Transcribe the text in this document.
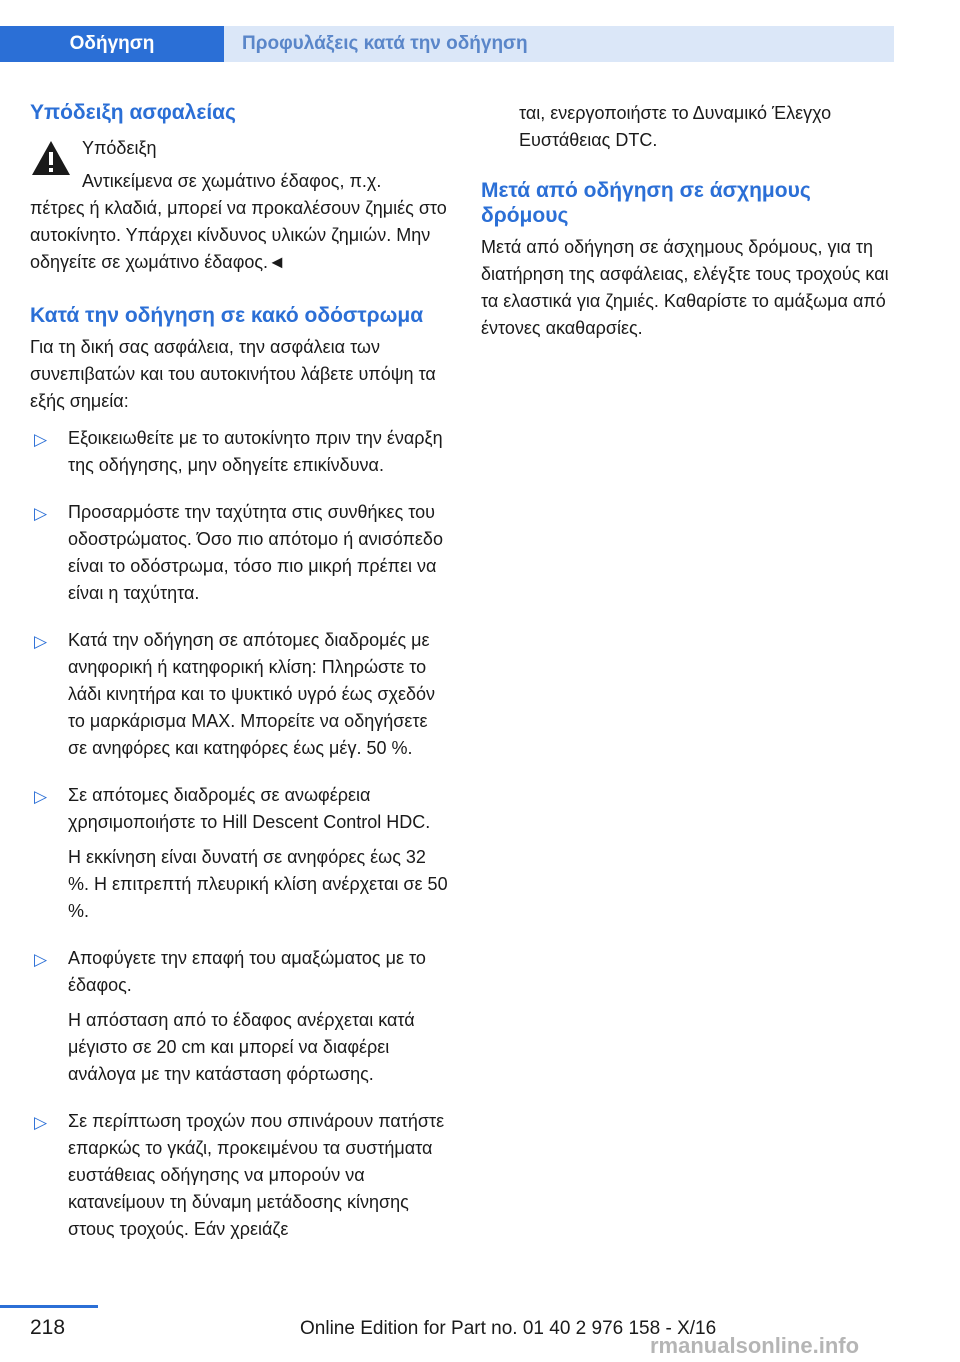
Οδήγηση	Προφυλάξεις κατά την οδήγηση
Υπόδειξη ασφαλείας

Υπόδειξη

Αντικείμενα σε χωμάτινο έδαφος, π.χ.

πέτρες ή κλαδιά, μπορεί να προκαλέσουν ζημιές στο αυτοκίνητο. Υπάρχει κίνδυνος υλικών ζημιών. Μην οδηγείτε σε χωμάτινο έδαφος.◄

Κατά την οδήγηση σε κακό οδόστρωμα

Για τη δική σας ασφάλεια, την ασφάλεια των συνεπιβατών και του αυτοκινήτου λάβετε υπόψη τα εξής σημεία:

▷ Εξοικειωθείτε με το αυτοκίνητο πριν την έναρξη της οδήγησης, μην οδηγείτε επικίνδυνα.

▷ Προσαρμόστε την ταχύτητα στις συνθήκες του οδοστρώματος. Όσο πιο απότομο ή ανισόπεδο είναι το οδόστρωμα, τόσο πιο μικρή πρέπει να είναι η ταχύτητα.

▷ Κατά την οδήγηση σε απότομες διαδρομές με ανηφορική ή κατηφορική κλίση: Πληρώστε το λάδι κινητήρα και το ψυκτικό υγρό έως σχεδόν το μαρκάρισμα MAX. Μπορείτε να οδηγήσετε σε ανηφόρες και κατηφόρες έως μέγ. 50 %.

▷ Σε απότομες διαδρομές σε ανωφέρεια χρησιμοποιήστε το Hill Descent Control HDC.

Η εκκίνηση είναι δυνατή σε ανηφόρες έως 32 %. Η επιτρεπτή πλευρική κλίση ανέρχεται σε 50 %.

▷ Αποφύγετε την επαφή του αμαξώματος με το έδαφος.

Η απόσταση από το έδαφος ανέρχεται κατά μέγιστο σε 20 cm και μπορεί να διαφέρει ανάλογα με την κατάσταση φόρτωσης.

▷ Σε περίπτωση τροχών που σπινάρουν πατήστε επαρκώς το γκάζι, προκειμένου τα συστήματα ευστάθειας οδήγησης να μπορούν να κατανείμουν τη δύναμη μετάδοσης κίνησης στους τροχούς. Εάν χρειάζε

ται, ενεργοποιήστε το Δυναμικό Έλεγχο Ευστάθειας DTC.

Μετά από οδήγηση σε άσχημους δρόμους

Μετά από οδήγηση σε άσχημους δρόμους, για τη διατήρηση της ασφάλειας, ελέγξτε τους τροχούς και τα ελαστικά για ζημιές. Καθαρίστε το αμάξωμα από έντονες ακαθαρσίες.

218	Online Edition for Part no. 01 40 2 976 158 - X/16
rmanualsonline.info
